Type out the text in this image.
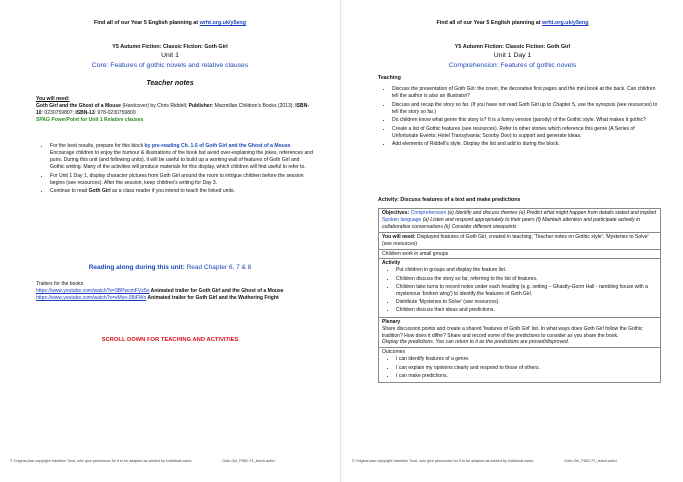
Find all of our Year 5 English planning at wrht.org.uk/y5eng
Y5 Autumn Fiction: Classic Fiction: Goth Girl
Unit 1
Core: Features of gothic novels and relative clauses
Teacher notes
You will need:
Goth Girl and the Ghost of a Mouse (Hardcover) by Chris Riddell; Publisher: Macmillan Children's Books (2013); ISBN-10: 0230759807; ISBN-13: 978-0230759800
SPAG PowerPoint for Unit 1 Relative clauses
• For the best results, prepare for this block by pre-reading Ch. 1-5 of Goth Girl and the Ghost of a Mouse. Encourage children to enjoy the humour & illustrations of the book but avoid over-explaining the jokes, references and puns. During this unit (and following units), it will be useful to build up a working wall of features of Goth Girl and Gothic writing. Many of the activities will produce materials for this display, which children will find useful to refer to.
• For Unit 1 Day 1, display character pictures from Goth Girl around the room to intrigue children before the session begins (see resources). After the session, keep children's writing for Day 3.
• Continue to read Goth Girl as a class reader if you intend to teach the linked units.
Reading along during this unit: Read Chapter 6, 7 & 8
Trailers for the books
https://www.youtube.com/watch?v=3BPwcmFVz5o Animated trailer for Goth Girl and the Ghost of a Mouse
https://www.youtube.com/watch?v=vMyo-05tFWo Animated trailer for Goth Girl and the Wuthering Fright
SCROLL DOWN FOR TEACHING AND ACTIVITIES
© Original plan copyright Hamilton Trust, who give permission for it to be adapted as wished by individual users.	Goth-Girl_P85C F1_teach-activi
Find all of our Year 5 English planning at wrht.org.uk/y5eng
Y5 Autumn Fiction: Classic Fiction: Goth Girl
Unit 1 Day 1
Comprehension: Features of gothic novels
Teaching
• Discuss the presentation of Goth Girl: the cover, the decorative first pages and the mini book at the back. Can children tell the author is also an illustrator?
• Discuss and recap the story so far. (If you have not read Goth Girl up to Chapter 5, use the synopsis (see resources) to tell the story so far.)
• Do children know what genre this story is? It is a funny version (parody) of the Gothic style. What makes it gothic?
• Create a list of Gothic features (see resources). Refer to other stories which reference this genre (A Series of Unfortunate Events; Hotel Transylvania; Scooby Doo) to support and generate ideas.
• Add elements of Riddell's style. Display the list and add to during the block.
Activity: Discuss features of a text and make predictions
Objectives: Comprehension (e) Identify and discuss themes (e) Predict what might happen from details stated and implied
Spoken language (a) Listen and respond appropriately to their peers (f) Maintain attention and participate actively in collaborative conversations (k) Consider different viewpoints
You will need: Displayed features of Goth Girl, created in teaching; 'Teacher notes on Gothic style'; 'Mysteries to Solve' (see resources)
Children work in small groups

Activity
• Put children in groups and display the feature list.
• Children discuss the story so far, referring to the list of features.
• Children take turns to record notes under each heading (e.g. setting – Ghastly-Gorm Hall - rambling house with a mysterious 'broken wing') to identify the features of Goth Girl.
• Distribute 'Mysteries to Solve' (see resources).
• Children discuss their ideas and predictions.

Plenary
Share discussion points and create a shared 'features of Goth Girl' list. In what ways does Goth Girl follow the Gothic tradition? How does it differ? Share and record some of the predictions to consider as you share the book.
Display the predictions. You can return to it as the predictions are proved/disproved.

Outcomes
• I can identify features of a genre.
• I can explain my opinions clearly and respond to those of others.
• I can make predictions.
© Original plan copyright Hamilton Trust, who give permission for it to be adapted as wished by individual users.	Goth-Girl_P85C F1_teach-activi
